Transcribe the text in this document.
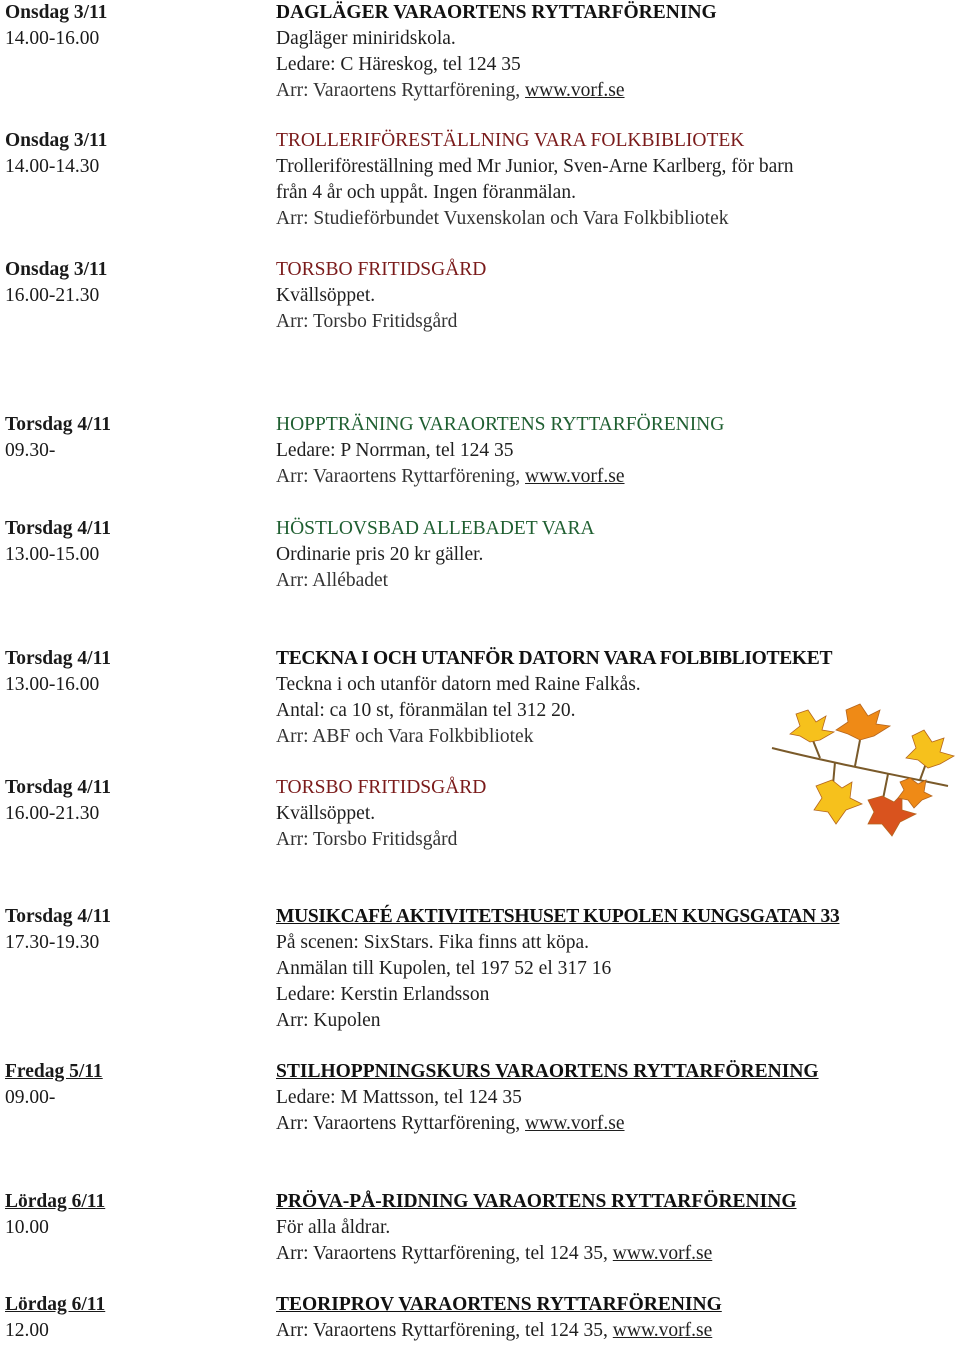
Onsdag 3/11
14.00-16.00
DAGLÄGER VARAORTENS RYTTARFÖRENING
Dagläger miniridskola.
Ledare: C Häreskog, tel 124 35
Arr: Varaortens Ryttarförening, www.vorf.se
Onsdag 3/11
14.00-14.30
TROLLERIFÖRESTÄLLNING VARA FOLKBIBLIOTEK
Trolleriföreställning med Mr Junior, Sven-Arne Karlberg, för barn
från 4 år och uppåt. Ingen föranmälan.
Arr: Studieförbundet Vuxenskolan och Vara Folkbibliotek
Onsdag 3/11
16.00-21.30
TORSBO FRITIDSGÅRD
Kvällsöppet.
Arr: Torsbo Fritidsgård
Torsdag 4/11
09.30-
HOPPTRÄNING VARAORTENS RYTTARFÖRENING
Ledare: P Norrman, tel 124 35
Arr: Varaortens Ryttarförening, www.vorf.se
Torsdag 4/11
13.00-15.00
HÖSTLOVSBAD ALLEBADET VARA
Ordinarie pris 20 kr gäller.
Arr: Allébadet
Torsdag 4/11
13.00-16.00
TECKNA I OCH UTANFÖR DATORN VARA FOLBIBLIOTEKET
Teckna i och utanför datorn med Raine Falkås.
Antal: ca 10 st, föranmälan tel 312 20.
Arr: ABF och Vara Folkbibliotek
Torsdag 4/11
16.00-21.30
TORSBO FRITIDSGÅRD
Kvällsöppet.
Arr: Torsbo Fritidsgård
Torsdag 4/11
17.30-19.30
MUSIKCAFÉ AKTIVITETSHUSET KUPOLEN KUNGSGATAN 33
På scenen: SixStars. Fika finns att köpa.
Anmälan till Kupolen, tel 197 52 el 317 16
Ledare: Kerstin Erlandsson
Arr: Kupolen
Fredag 5/11
09.00-
STILHOPPNINGSKURS VARAORTENS RYTTARFÖRENING
Ledare: M Mattsson, tel 124 35
Arr: Varaortens Ryttarförening, www.vorf.se
Lördag 6/11
10.00
PRÖVA-PÅ-RIDNING VARAORTENS RYTTARFÖRENING
För alla åldrar.
Arr: Varaortens Ryttarförening, tel 124 35, www.vorf.se
Lördag 6/11
12.00
TEORIPROV VARAORTENS RYTTARFÖRENING
Arr: Varaortens Ryttarförening, tel 124 35, www.vorf.se
